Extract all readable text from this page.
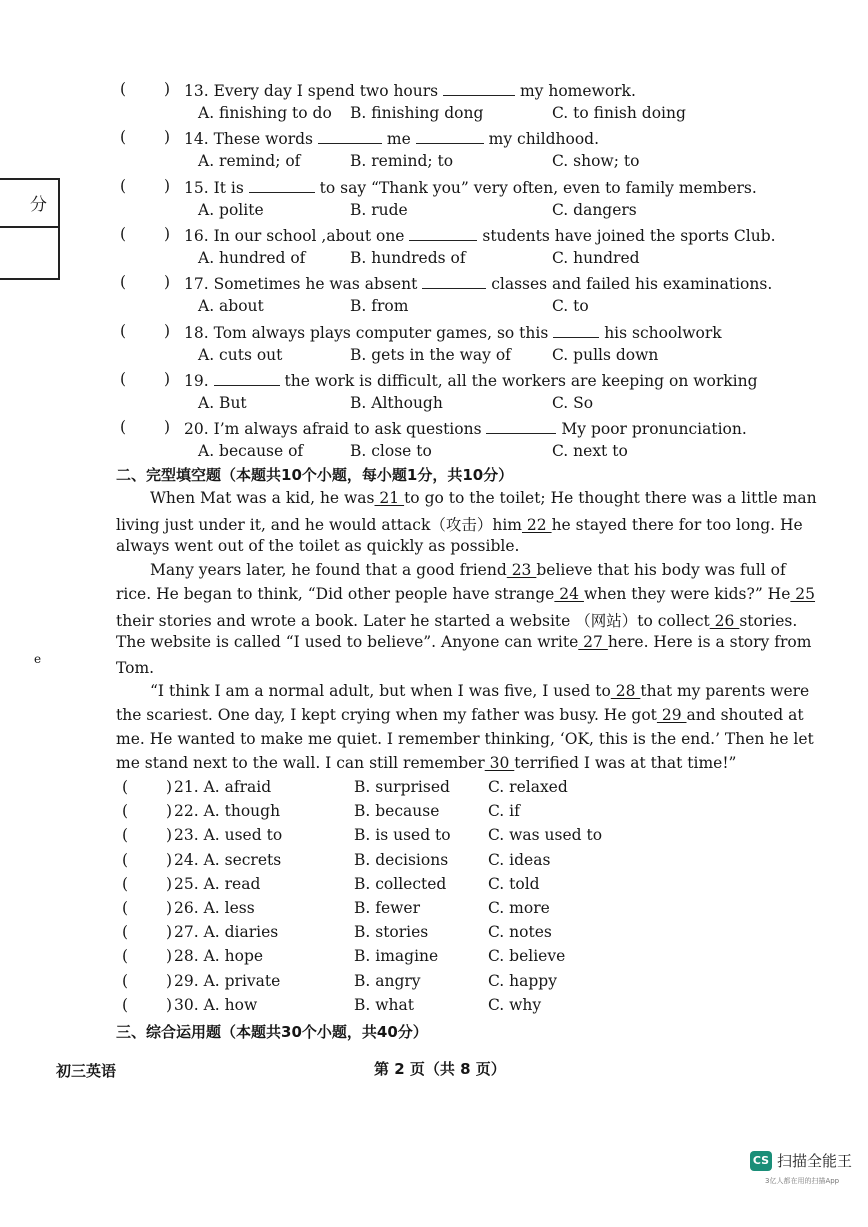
分
e
( ) 13. Every day I spend two hours	my homework.
A. finishing to do B. finishing dong	C. to finish doing
( ) 14. These words	me	my childhood.
A. remind; of	B. remind; to	C. show; to
( ) 15. It is	to say “Thank you” very often, even to family members.
A. polite	B. rude	C. dangers
( ) 16. In our school ,about one	students have joined the sports Club.
A. hundred of	B. hundreds of	C. hundred
( ) 17. Sometimes he was absent	classes and failed his examinations.
A. about	B. from	C. to
( ) 18. Tom always plays computer games, so this	his schoolwork
A. cuts out	B. gets in the way of	C. pulls down
( ) 19.	the work is difficult, all the workers are keeping on working
A. But	B. Although	C. So
( ) 20. I’m always afraid to ask questions	My poor pronunciation.
A. because of	B. close to	C. next to
二、完型填空题（本题共10个小题，每小题1分，共10分）
When Mat was a kid, he was 21 to go to the toilet; He thought there was a little man
living just under it, and he would attack（攻击）him 22 he stayed there for too long. He
always went out of the toilet as quickly as possible.
Many years later, he found that a good friend 23 believe that his body was full of
rice. He began to think, “Did other people have strange 24 when they were kids?” He 25
their stories and wrote a book. Later he started a website （网站）to collect 26 stories.
The website is called “I used to believe”. Anyone can write 27 here. Here is a story from
Tom.
“I think I am a normal adult, but when I was five, I used to 28 that my parents were
the scariest. One day, I kept crying when my father was busy. He got 29 and shouted at
me. He wanted to make me quiet. I remember thinking, ‘OK, this is the end.’ Then he let
me stand next to the wall. I can still remember 30 terrified I was at that time!”
( ) 21. A. afraid	B. surprised C. relaxed
( ) 22. A. though	B. because	C. if
( ) 23. A. used to	B. is used to C. was used to
( ) 24. A. secrets	B. decisions	C. ideas
( ) 25. A. read	B. collected	C. told
( ) 26. A. less	B. fewer	C. more
( ) 27. A. diaries	B. stories	C. notes
( ) 28. A. hope	B. imagine	C. believe
( ) 29. A. private	B. angry	C. happy
( ) 30. A. how	B. what	C. why
三、综合运用题（本题共30个小题，共40分）
初三英语	第 2 页（共 8 页）
CS 扫描全能王
3亿人都在用的扫描App
